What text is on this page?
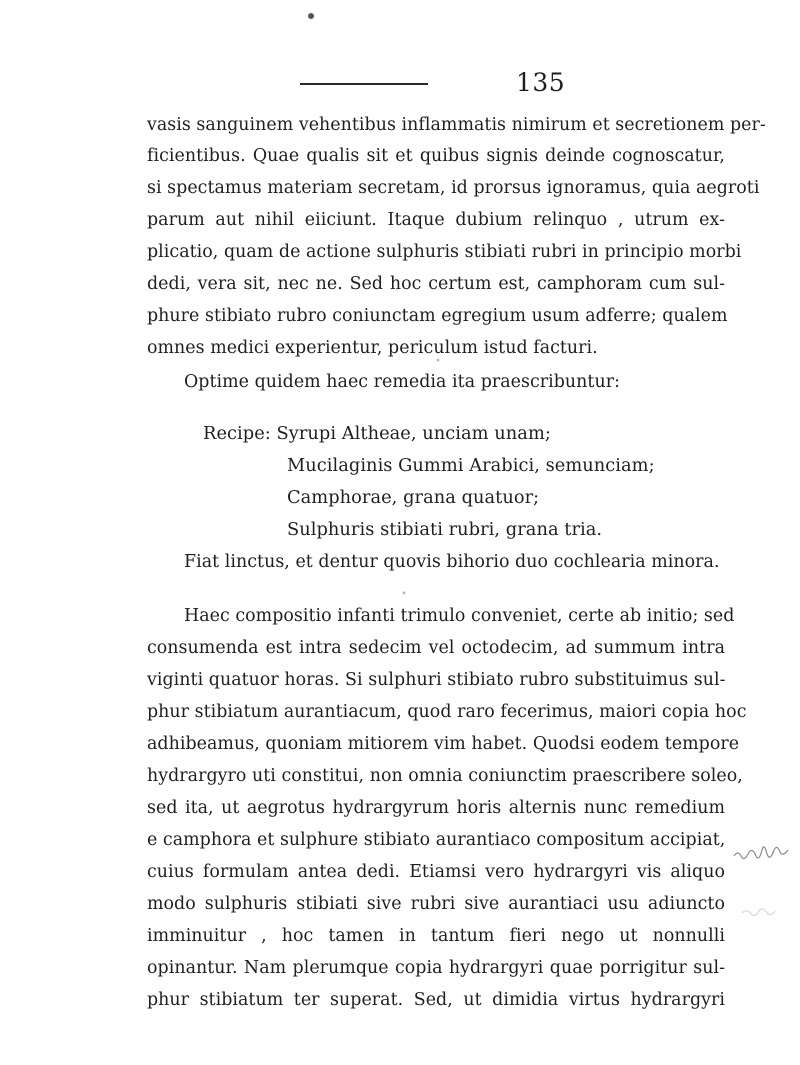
135
vasis sanguinem vehentibus inflammatis nimirum et secretionem per-
ficientibus. Quae qualis sit et quibus signis deinde cognoscatur,
si spectamus materiam secretam, id prorsus ignoramus, quia aegroti
parum aut nihil eiiciunt. Itaque dubium relinquo , utrum ex-
plicatio, quam de actione sulphuris stibiati rubri in principio morbi
dedi, vera sit, nec ne. Sed hoc certum est, camphoram cum sul-
phure stibiato rubro coniunctam egregium usum adferre; qualem
omnes medici experientur, periculum istud facturi.
Optime quidem haec remedia ita praescribuntur:
Recipe: Syrupi Altheae, unciam unam;
Mucilaginis Gummi Arabici, semunciam;
Camphorae, grana quatuor;
Sulphuris stibiati rubri, grana tria.
Fiat linctus, et dentur quovis bihorio duo cochlearia minora.
Haec compositio infanti trimulo conveniet, certe ab initio; sed
consumenda est intra sedecim vel octodecim, ad summum intra
viginti quatuor horas. Si sulphuri stibiato rubro substituimus sul-
phur stibiatum aurantiacum, quod raro fecerimus, maiori copia hoc
adhibeamus, quoniam mitiorem vim habet. Quodsi eodem tempore
hydrargyro uti constitui, non omnia coniunctim praescribere soleo,
sed ita, ut aegrotus hydrargyrum horis alternis nunc remedium
e camphora et sulphure stibiato aurantiaco compositum accipiat,
cuius formulam antea dedi. Etiamsi vero hydrargyri vis aliquo
modo sulphuris stibiati sive rubri sive aurantiaci usu adiuncto
imminuitur , hoc tamen in tantum fieri nego ut nonnulli
opinantur. Nam plerumque copia hydrargyri quae porrigitur sul-
phur stibiatum ter superat. Sed, ut dimidia virtus hydrargyri
